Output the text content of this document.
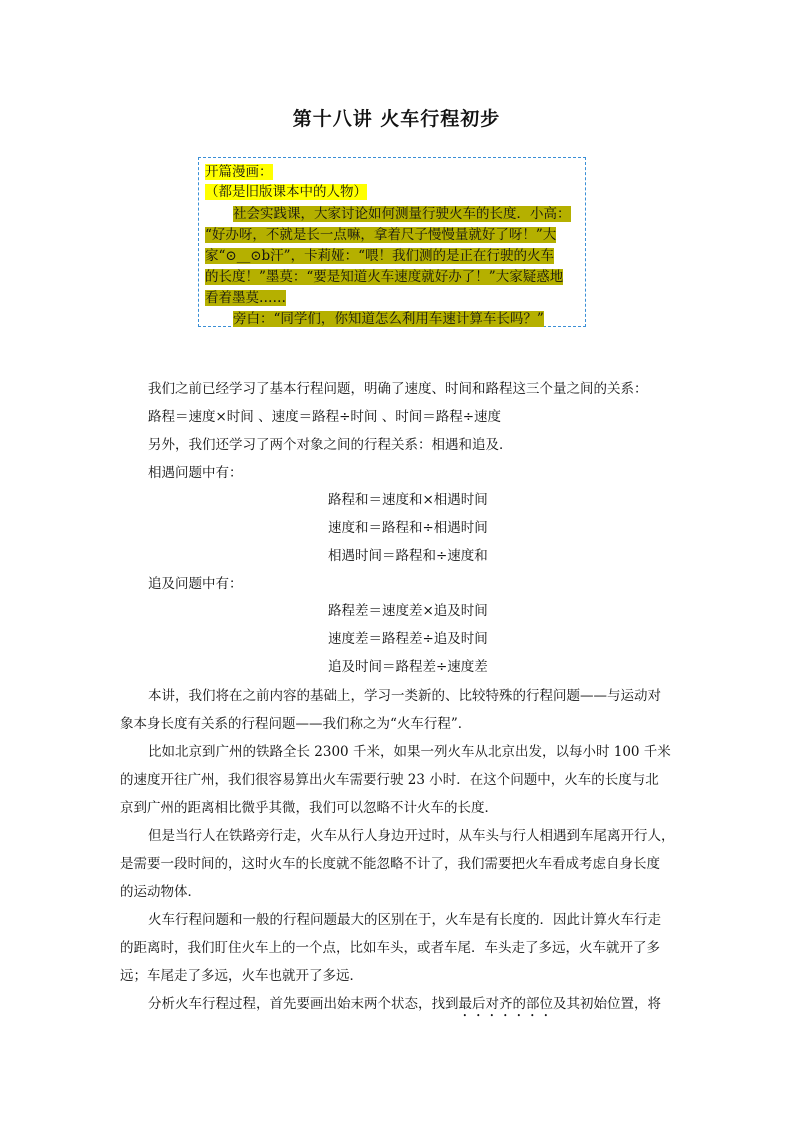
第十八讲 火车行程初步
开篇漫画：
（都是旧版课本中的人物）
社会实践课，大家讨论如何测量行驶火车的长度．小高：
“好办呀，不就是长一点嘛，拿着尺子慢慢量就好了呀！”大
家“⊙__⊙b汗”，卡莉娅：“喂！我们测的是正在行驶的火车
的长度！”墨莫：“要是知道火车速度就好办了！”大家疑惑地
看着墨莫……
旁白：“同学们，你知道怎么利用车速计算车长吗？”
我们之前已经学习了基本行程问题，明确了速度、时间和路程这三个量之间的关系：
路程＝速度×时间 、速度＝路程÷时间 、时间＝路程÷速度
另外，我们还学习了两个对象之间的行程关系：相遇和追及．
相遇问题中有：
路程和＝速度和×相遇时间
速度和＝路程和÷相遇时间
相遇时间＝路程和÷速度和
追及问题中有：
路程差＝速度差×追及时间
速度差＝路程差÷追及时间
追及时间＝路程差÷速度差
本讲，我们将在之前内容的基础上，学习一类新的、比较特殊的行程问题——与运动对
象本身长度有关系的行程问题——我们称之为“火车行程”．
比如北京到广州的铁路全长 2300 千米，如果一列火车从北京出发，以每小时 100 千米
的速度开往广州，我们很容易算出火车需要行驶 23 小时．在这个问题中，火车的长度与北
京到广州的距离相比微乎其微，我们可以忽略不计火车的长度．
但是当行人在铁路旁行走，火车从行人身边开过时，从车头与行人相遇到车尾离开行人，
是需要一段时间的，这时火车的长度就不能忽略不计了，我们需要把火车看成考虑自身长度
的运动物体．
火车行程问题和一般的行程问题最大的区别在于，火车是有长度的．因此计算火车行走
的距离时，我们盯住火车上的一个点，比如车头，或者车尾．车头走了多远，火车就开了多
远；车尾走了多远，火车也就开了多远．
分析火车行程过程，首先要画出始末两个状态，找到最后对齐的部位及其初始位置，将
